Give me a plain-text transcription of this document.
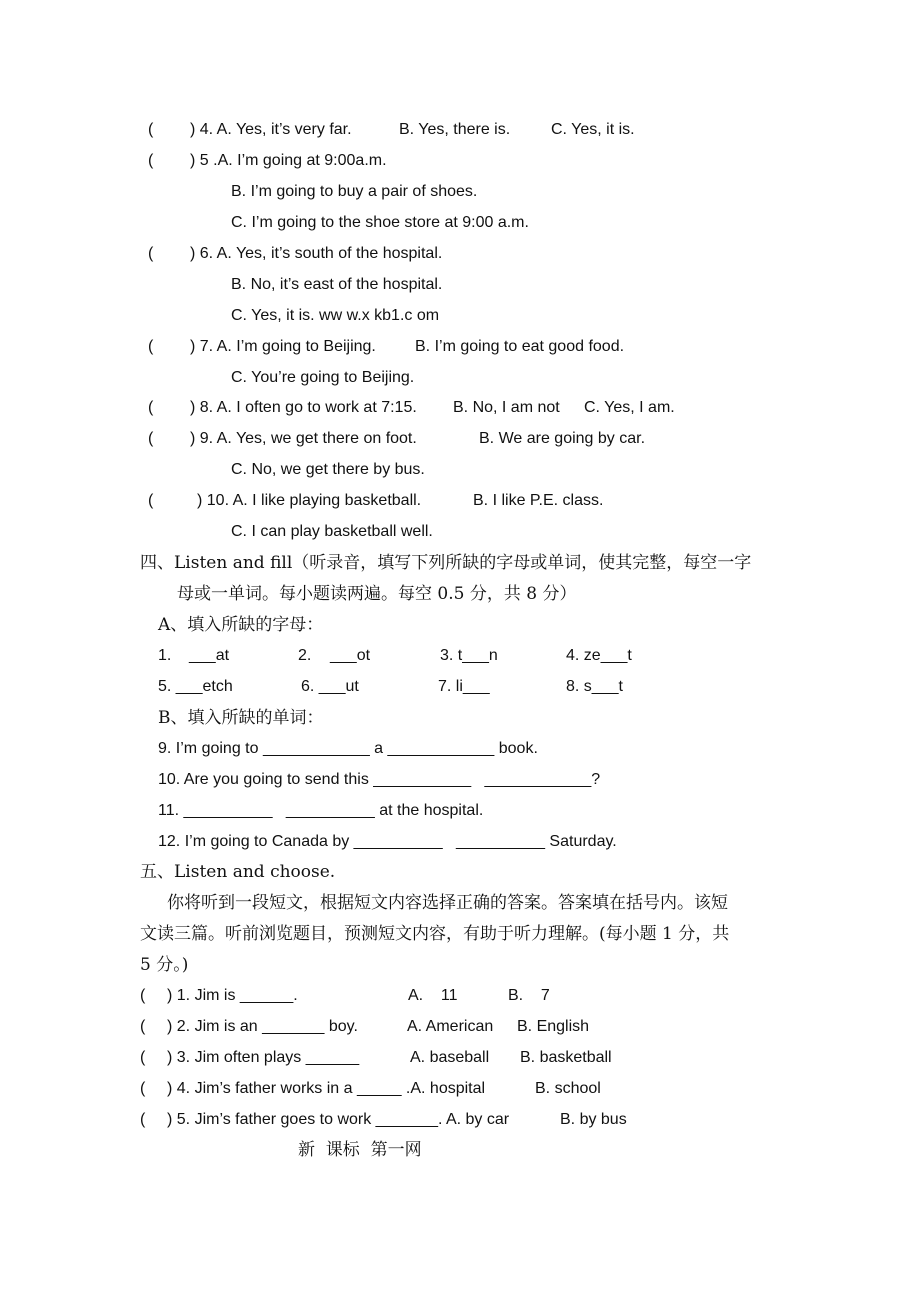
( ) 4. A. Yes, it’s very far.	B. Yes, there is.	C. Yes, it is.
( ) 5 .A. I’m going at 9:00a.m.
B. I’m going to buy a pair of shoes.
C. I’m going to the shoe store at 9:00 a.m.
( ) 6. A. Yes, it’s south of the hospital.
B. No, it’s east of the hospital.
C. Yes, it is. ww w.x kb1.c om
( ) 7. A. I’m going to Beijing. B. I’m going to eat good food.
C. You’re going to Beijing.
( ) 8. A. I often go to work at 7:15. B. No, I am not C. Yes, I am.
( ) 9. A. Yes, we get there on foot.	B. We are going by car.
C. No, we get there by bus.
(	) 10. A. I like playing basketball.	B. I like P.E. class.
C. I can play basketball well.
四、Listen and fill（听录音，填写下列所缺的字母或单词，使其完整，每空一字
母或一单词。每小题读两遍。每空 0.5 分，共 8 分）
A、填入所缺的字母：
1. ___at	2. ___ot	3. t___n	4. ze___t
5. ___etch	6. ___ut	7. li___	8. s___t
B、填入所缺的单词：
9. I’m going to ____________ a ____________ book.
10. Are you going to send this ___________   ____________?
11. __________   __________ at the hospital.
12. I’m going to Canada by __________   __________ Saturday.
五、Listen and choose.
你将听到一段短文，根据短文内容选择正确的答案。答案填在括号内。该短
文读三篇。听前浏览题目，预测短文内容，有助于听力理解。(每小题 1 分，共
5 分。)
( ) 1. Jim is ______.	A.    11	B.    7
( ) 2. Jim is an _______ boy.	A. American B. English
( ) 3. Jim often plays ______	A. baseball B. basketball
( ) 4. Jim’s father works in a _____ .A. hospital	B. school
( ) 5. Jim’s father goes to work _______. A. by car	B. by bus
新  课标  第一网
